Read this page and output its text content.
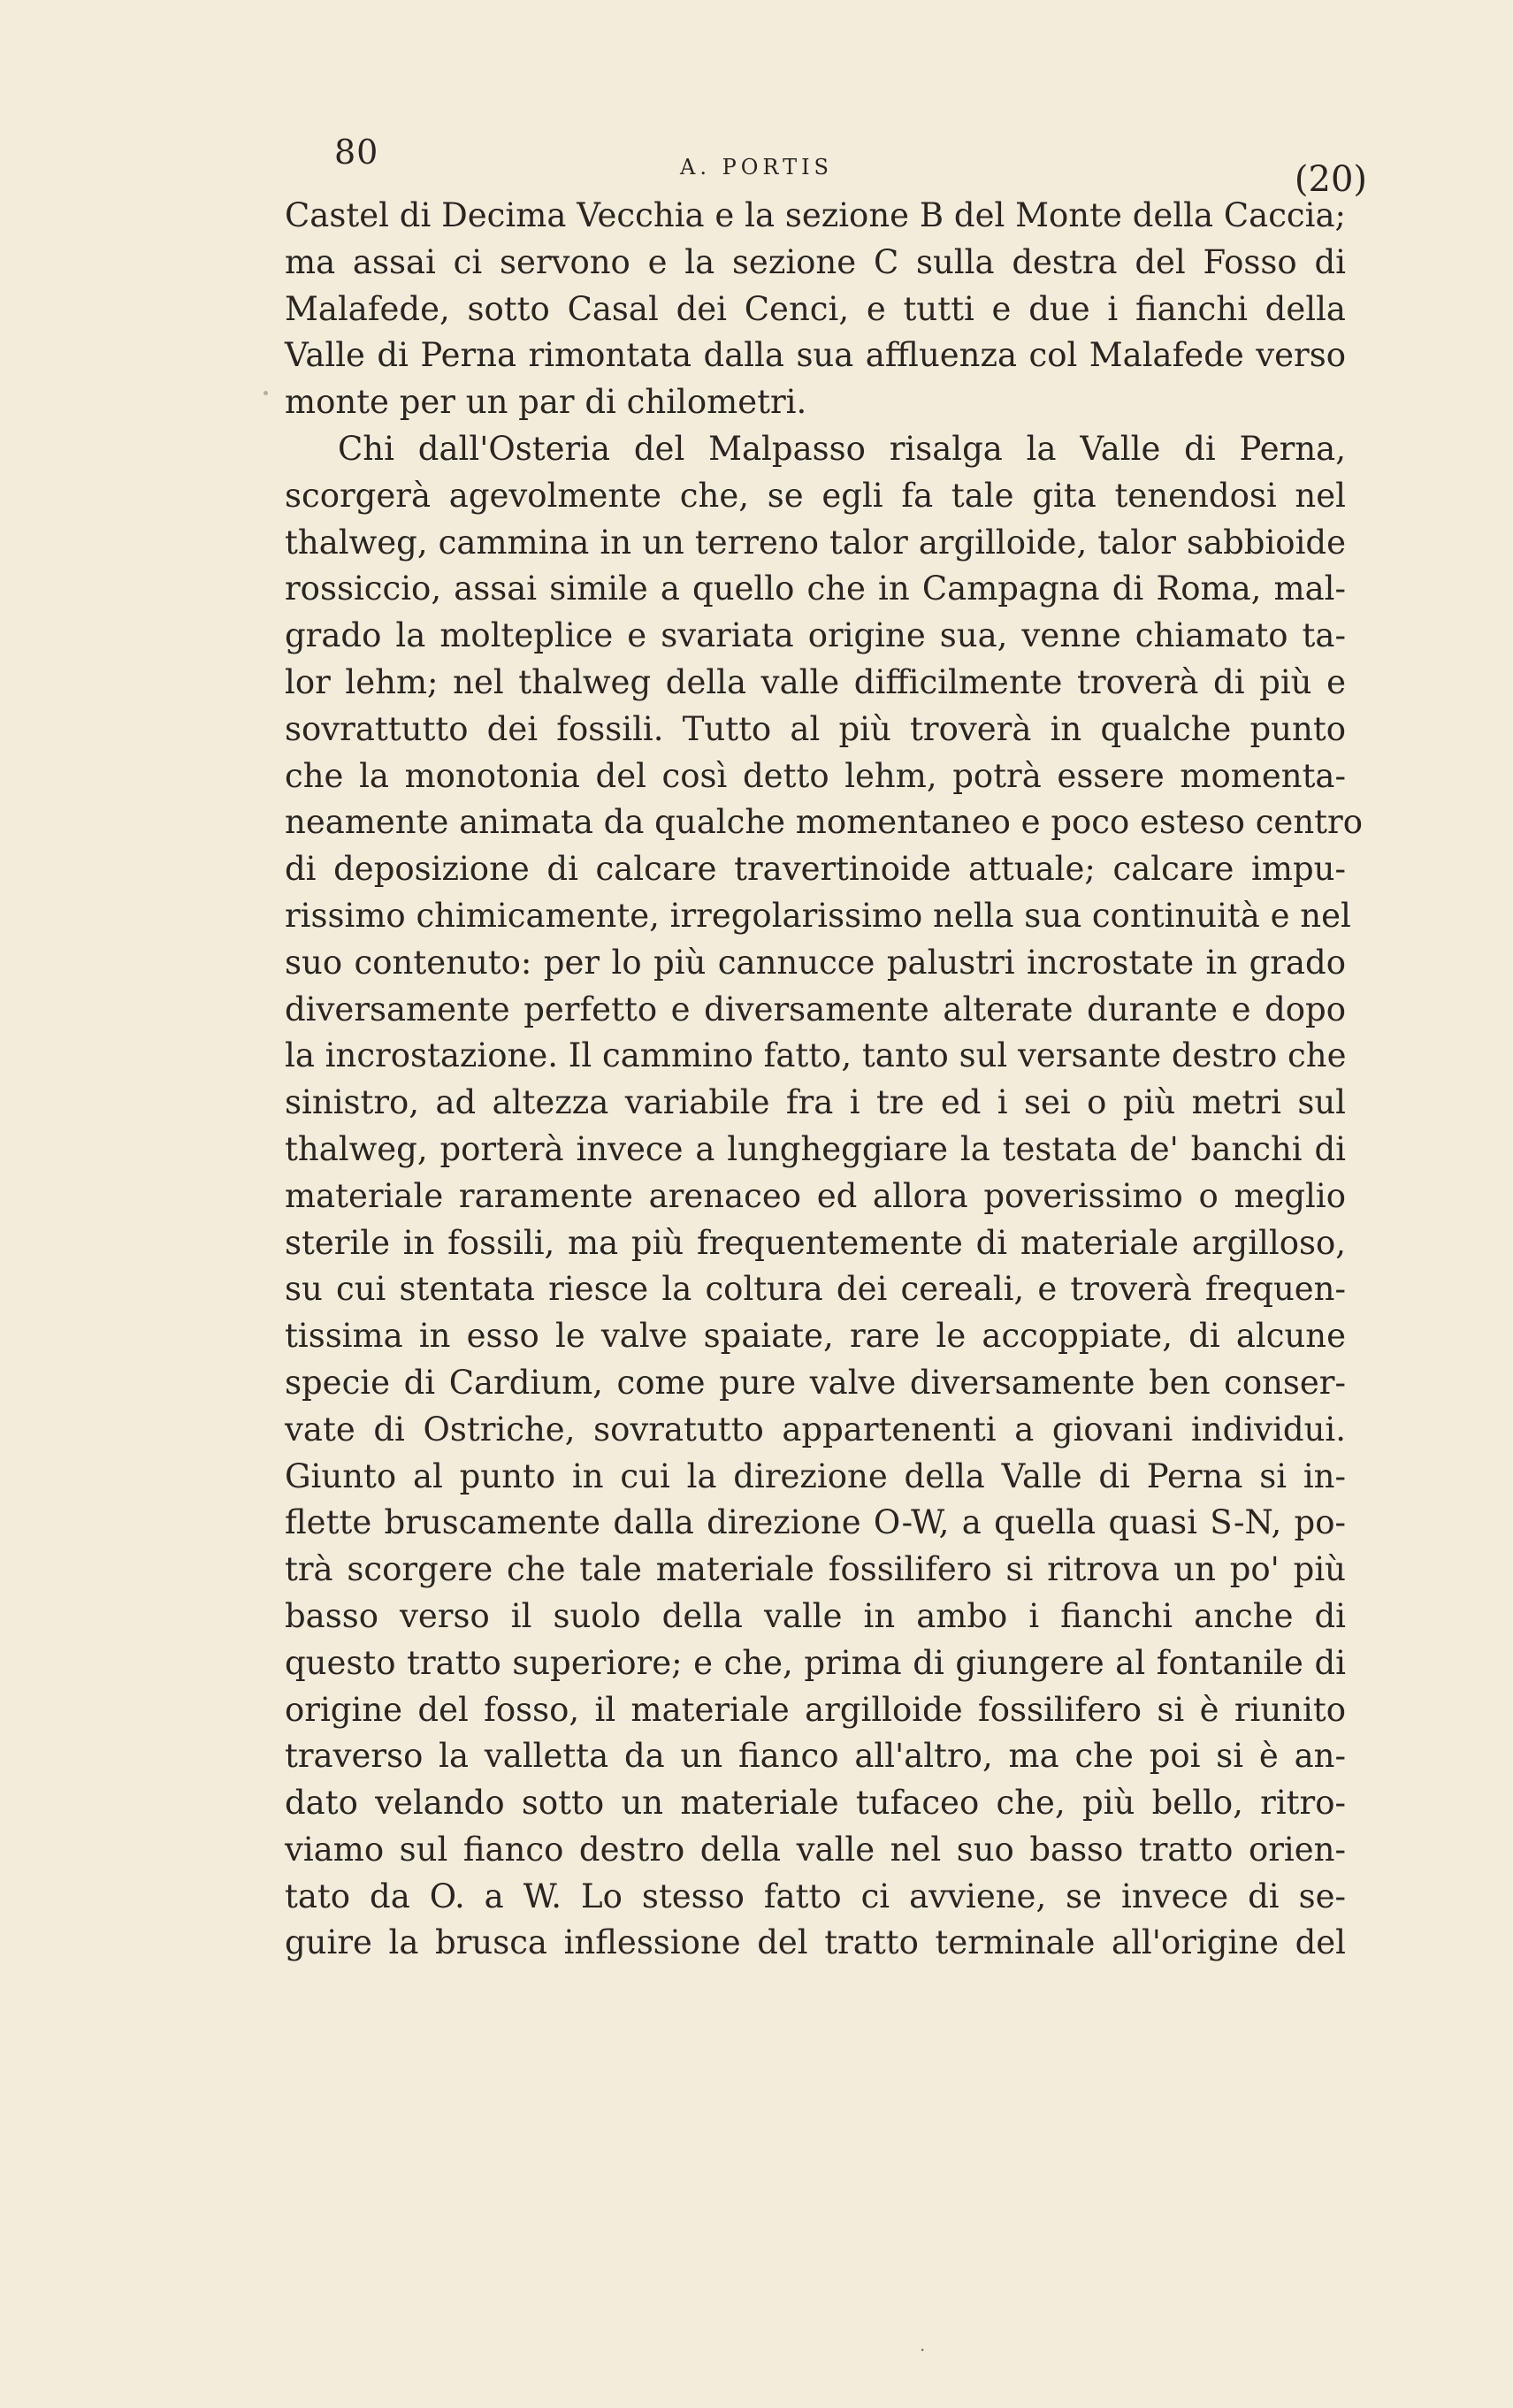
80	A. PORTIS	(20)
Castel di Decima Vecchia e la sezione B del Monte della Caccia;
ma assai ci servono e la sezione C sulla destra del Fosso di
Malafede, sotto Casal dei Cenci, e tutti e due i fianchi della
Valle di Perna rimontata dalla sua affluenza col Malafede verso
monte per un par di chilometri.
Chi dall'Osteria del Malpasso risalga la Valle di Perna,
scorgerà agevolmente che, se egli fa tale gita tenendosi nel
thalweg, cammina in un terreno talor argilloide, talor sabbioide
rossiccio, assai simile a quello che in Campagna di Roma, mal-
grado la molteplice e svariata origine sua, venne chiamato ta-
lor lehm; nel thalweg della valle difficilmente troverà di più e
sovrattutto dei fossili. Tutto al più troverà in qualche punto
che la monotonia del così detto lehm, potrà essere momenta-
neamente animata da qualche momentaneo e poco esteso centro
di deposizione di calcare travertinoide attuale; calcare impu-
rissimo chimicamente, irregolarissimo nella sua continuità e nel
suo contenuto: per lo più cannucce palustri incrostate in grado
diversamente perfetto e diversamente alterate durante e dopo
la incrostazione. Il cammino fatto, tanto sul versante destro che
sinistro, ad altezza variabile fra i tre ed i sei o più metri sul
thalweg, porterà invece a lungheggiare la testata de' banchi di
materiale raramente arenaceo ed allora poverissimo o meglio
sterile in fossili, ma più frequentemente di materiale argilloso,
su cui stentata riesce la coltura dei cereali, e troverà frequen-
tissima in esso le valve spaiate, rare le accoppiate, di alcune
specie di Cardium, come pure valve diversamente ben conser-
vate di Ostriche, sovratutto appartenenti a giovani individui.
Giunto al punto in cui la direzione della Valle di Perna si in-
flette bruscamente dalla direzione O-W, a quella quasi S-N, po-
trà scorgere che tale materiale fossilifero si ritrova un po' più
basso verso il suolo della valle in ambo i fianchi anche di
questo tratto superiore; e che, prima di giungere al fontanile di
origine del fosso, il materiale argilloide fossilifero si è riunito
traverso la valletta da un fianco all'altro, ma che poi si è an-
dato velando sotto un materiale tufaceo che, più bello, ritro-
viamo sul fianco destro della valle nel suo basso tratto orien-
tato da O. a W. Lo stesso fatto ci avviene, se invece di se-
guire la brusca inflessione del tratto terminale all'origine del
·
